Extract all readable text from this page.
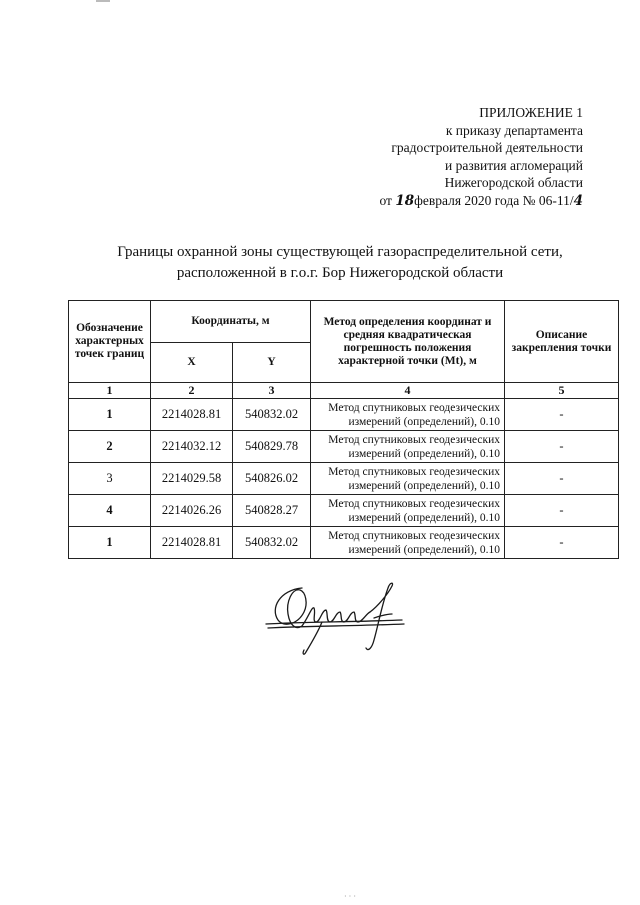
ПРИЛОЖЕНИЕ 1
к приказу департамента
градостроительной деятельности
и развития агломераций
Нижегородской области
от 18февраля 2020 года № 06-11/4
Границы охранной зоны существующей газораспределительной сети,
расположенной в г.о.г. Бор Нижегородской области
Обозначение характерных точек границ	Координаты, м		Метод определения координат и средняя квадратическая погрешность положения характерной точки (Mt), м	Описание закрепления точки
	X	Y		
1	2	3	4	5
1	2214028.81	540832.02	Метод спутниковых геодезических
измерений (определений), 0.10	-
2	2214032.12	540829.78	Метод спутниковых геодезических
измерений (определений), 0.10	-
3	2214029.58	540826.02	Метод спутниковых геодезических
измерений (определений), 0.10	-
4	2214026.26	540828.27	Метод спутниковых геодезических
измерений (определений), 0.10	-
1	2214028.81	540832.02	Метод спутниковых геодезических
измерений (определений), 0.10	-
· · ·
